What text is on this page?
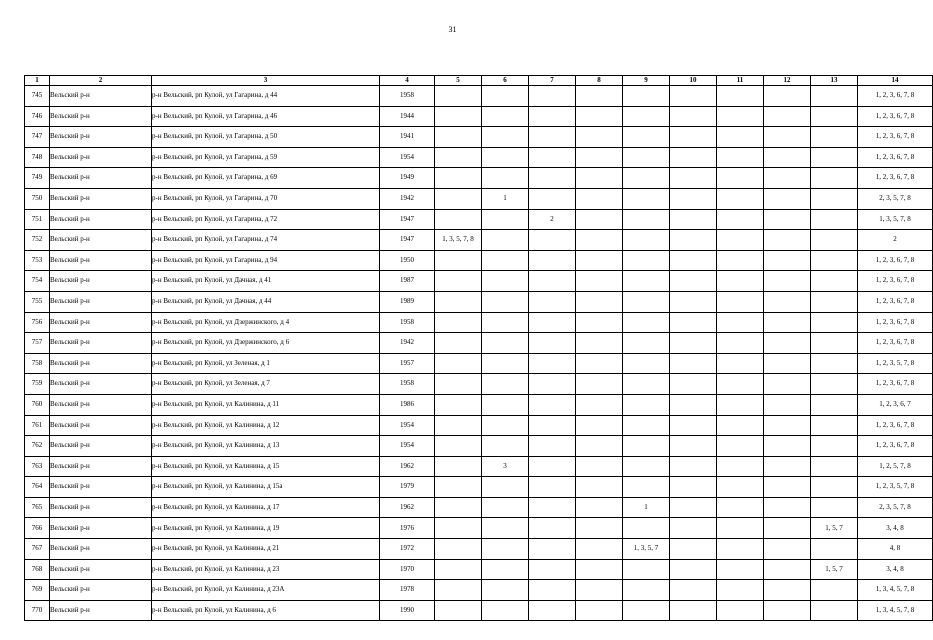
31
1	2	3	4	5	6	7	8	9	10	11	12	13	14
745	Вельский р-н	р-н Вельский, рп Кулой, ул Гагарина, д 44	1958										1, 2, 3, 6, 7, 8
746	Вельский р-н	р-н Вельский, рп Кулой, ул Гагарина, д 46	1944										1, 2, 3, 6, 7, 8
747	Вельский р-н	р-н Вельский, рп Кулой, ул Гагарина, д 50	1941										1, 2, 3, 6, 7, 8
748	Вельский р-н	р-н Вельский, рп Кулой, ул Гагарина, д 59	1954										1, 2, 3, 6, 7, 8
749	Вельский р-н	р-н Вельский, рп Кулой, ул Гагарина, д 69	1949										1, 2, 3, 6, 7, 8
750	Вельский р-н	р-н Вельский, рп Кулой, ул Гагарина, д 70	1942		1								2, 3, 5, 7, 8
751	Вельский р-н	р-н Вельский, рп Кулой, ул Гагарина, д 72	1947			2							1, 3, 5, 7, 8
752	Вельский р-н	р-н Вельский, рп Кулой, ул Гагарина, д 74	1947	1, 3, 5, 7, 8									2
753	Вельский р-н	р-н Вельский, рп Кулой, ул Гагарина, д 94	1950										1, 2, 3, 6, 7, 8
754	Вельский р-н	р-н Вельский, рп Кулой, ул Дачная, д 41	1987										1, 2, 3, 6, 7, 8
755	Вельский р-н	р-н Вельский, рп Кулой, ул Дачная, д 44	1989										1, 2, 3, 6, 7, 8
756	Вельский р-н	р-н Вельский, рп Кулой, ул Дзержинского, д 4	1958										1, 2, 3, 6, 7, 8
757	Вельский р-н	р-н Вельский, рп Кулой, ул Дзержинского, д 6	1942										1, 2, 3, 6, 7, 8
758	Вельский р-н	р-н Вельский, рп Кулой, ул Зеленая, д 1	1957										1, 2, 3, 5, 7, 8
759	Вельский р-н	р-н Вельский, рп Кулой, ул Зеленая, д 7	1958										1, 2, 3, 6, 7, 8
760	Вельский р-н	р-н Вельский, рп Кулой, ул Калинина, д 11	1986										1, 2, 3, 6, 7
761	Вельский р-н	р-н Вельский, рп Кулой, ул Калинина, д 12	1954										1, 2, 3, 6, 7, 8
762	Вельский р-н	р-н Вельский, рп Кулой, ул Калинина, д 13	1954										1, 2, 3, 6, 7, 8
763	Вельский р-н	р-н Вельский, рп Кулой, ул Калинина, д 15	1962		3								1, 2, 5, 7, 8
764	Вельский р-н	р-н Вельский, рп Кулой, ул Калинина, д 15а	1979										1, 2, 3, 5, 7, 8
765	Вельский р-н	р-н Вельский, рп Кулой, ул Калинина, д 17	1962					1					2, 3, 5, 7, 8
766	Вельский р-н	р-н Вельский, рп Кулой, ул Калинина, д 19	1976									1, 5, 7	3, 4, 8
767	Вельский р-н	р-н Вельский, рп Кулой, ул Калинина, д 21	1972					1, 3, 5, 7					4, 8
768	Вельский р-н	р-н Вельский, рп Кулой, ул Калинина, д 23	1970									1, 5, 7	3, 4, 8
769	Вельский р-н	р-н Вельский, рп Кулой, ул Калинина, д 23А	1978										1, 3, 4, 5, 7, 8
770	Вельский р-н	р-н Вельский, рп Кулой, ул Калинина, д 6	1990										1, 3, 4, 5, 7, 8
